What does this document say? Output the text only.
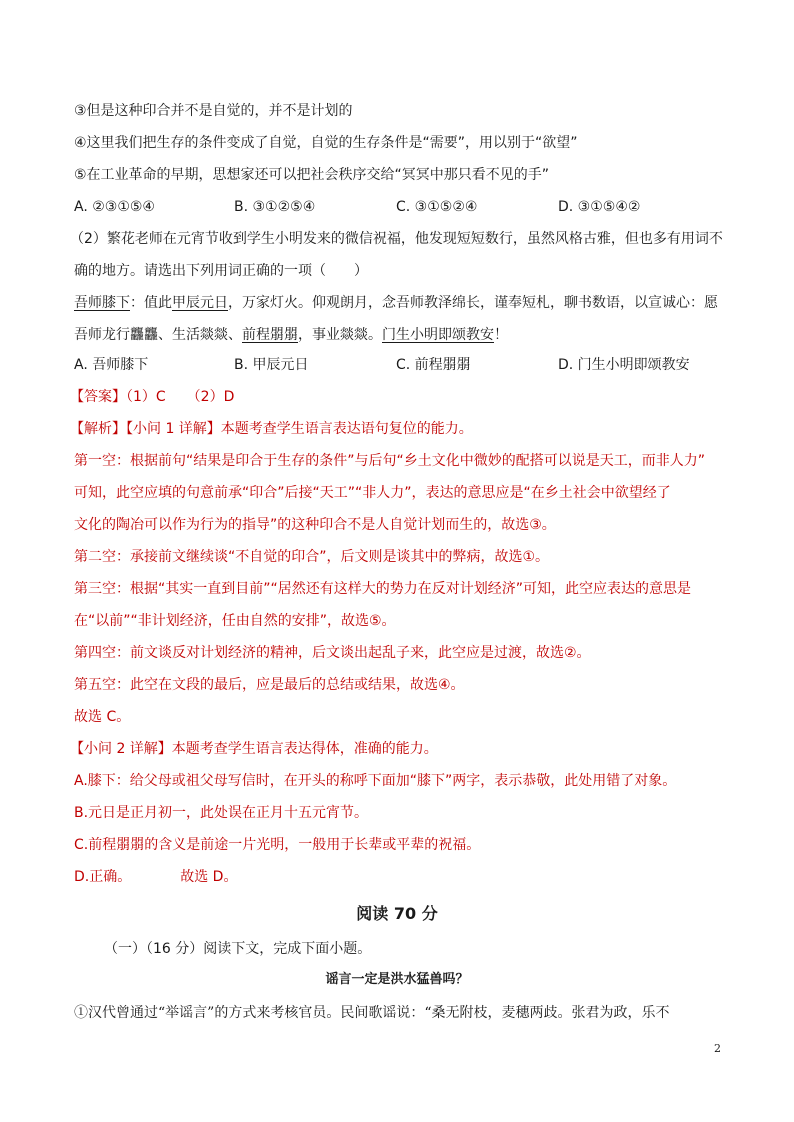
③但是这种印合并不是自觉的，并不是计划的
④这里我们把生存的条件变成了自觉，自觉的生存条件是“需要”，用以别于“欲望”
⑤在工业革命的早期，思想家还可以把社会秩序交给“冥冥中那只看不见的手”
A. ②③①⑤④	B. ③①②⑤④	C. ③①⑤②④	D. ③①⑤④②
（2）繁花老师在元宵节收到学生小明发来的微信祝福，他发现短短数行，虽然风格古雅，但也多有用词不
确的地方。请选出下列用词正确的一项（　　）
吾师膝下：值此甲辰元日，万家灯火。仰观朗月，念吾师教泽绵长，谨奉短札，聊书数语，以宣诚心：愿
吾师龙行龘龘、生活燚燚、前程朤朤，事业燚燚。门生小明即颂教安！
A. 吾师膝下	B. 甲辰元日	C. 前程朤朤	D. 门生小明即颂教安
【答案】（1）C　　（2）D
【解析】【小问 1 详解】本题考查学生语言表达语句复位的能力。
第一空：根据前句“结果是印合于生存的条件”与后句“乡土文化中微妙的配搭可以说是天工，而非人力”
可知，此空应填的句意前承“印合”后接“天工”“非人力”，表达的意思应是“在乡土社会中欲望经了
文化的陶冶可以作为行为的指导”的这种印合不是人自觉计划而生的，故选③。
第二空：承接前文继续谈“不自觉的印合”，后文则是谈其中的弊病，故选①。
第三空：根据“其实一直到目前”“居然还有这样大的势力在反对计划经济”可知，此空应表达的意思是
在“以前”“非计划经济，任由自然的安排”，故选⑤。
第四空：前文谈反对计划经济的精神，后文谈出起乱子来，此空应是过渡，故选②。
第五空：此空在文段的最后，应是最后的总结或结果，故选④。
故选 C。
【小问 2 详解】本题考查学生语言表达得体，准确的能力。
A.膝下：给父母或祖父母写信时，在开头的称呼下面加“膝下”两字，表示恭敬，此处用错了对象。
B.元日是正月初一，此处误在正月十五元宵节。
C.前程朤朤的含义是前途一片光明，一般用于长辈或平辈的祝福。
D.正确。　　　　故选 D。
阅读 70 分
（一）（16 分）阅读下文，完成下面小题。
谣言一定是洪水猛兽吗？
①汉代曾通过“举谣言”的方式来考核官员。民间歌谣说：“桑无附枝，麦穗两歧。张君为政，乐不
2
